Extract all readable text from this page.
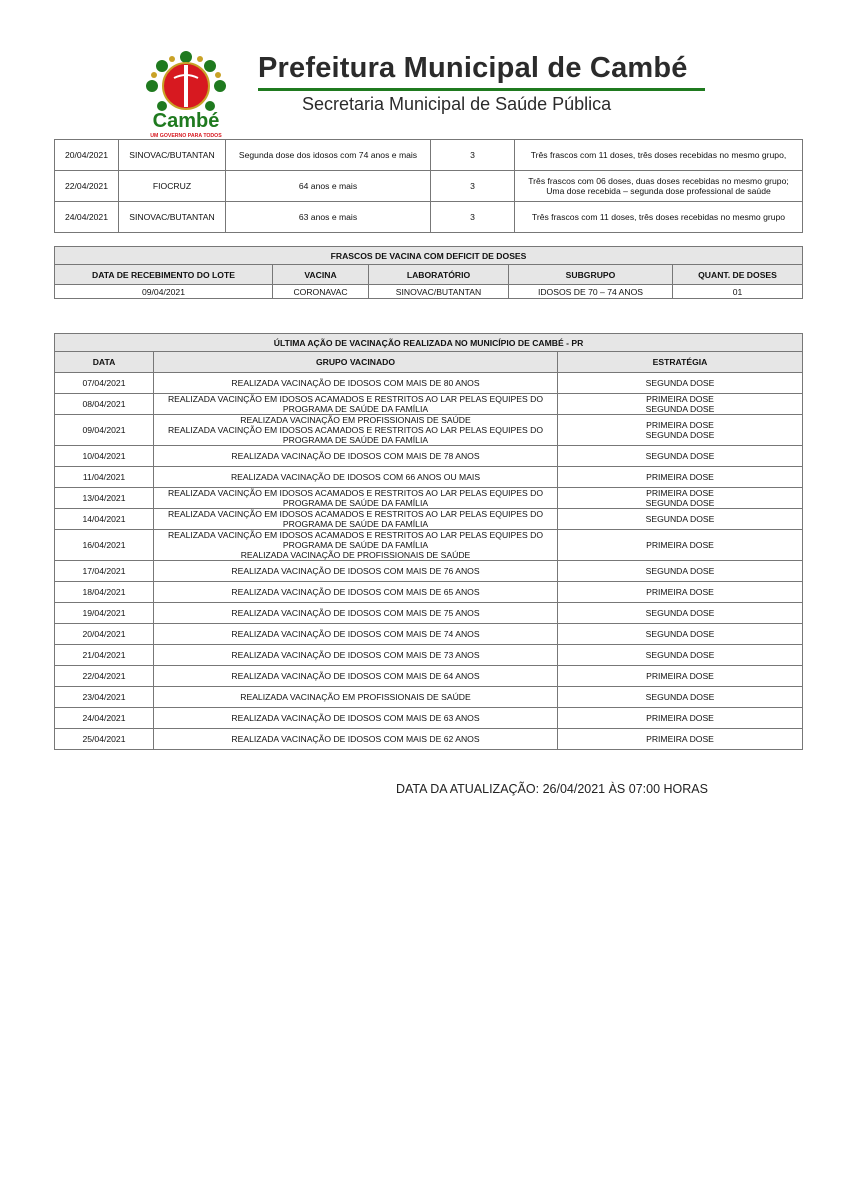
Cambé
UM GOVERNO PARA TODOS
Prefeitura Municipal de Cambé
Secretaria Municipal de Saúde Pública
20/04/2021	SINOVAC/BUTANTAN	Segunda dose dos idosos com 74 anos e mais	3	Três frascos com 11 doses, três doses recebidas no mesmo grupo,

22/04/2021	FIOCRUZ	64 anos e mais	3	Três frascos com 06 doses, duas doses recebidas no mesmo grupo;
Uma dose recebida – segunda dose professional de saúde

24/04/2021	SINOVAC/BUTANTAN	63 anos e mais	3	Três frascos com 11 doses, três doses recebidas no mesmo grupo
FRASCOS DE VACINA COM DEFICIT DE DOSES				
DATA DE RECEBIMENTO DO LOTE	VACINA	LABORATÓRIO	SUBGRUPO	QUANT. DE DOSES
09/04/2021	CORONAVAC	SINOVAC/BUTANTAN	IDOSOS DE 70 – 74 ANOS	01
ÚLTIMA AÇÃO DE VACINAÇÃO REALIZADA NO MUNICÍPIO DE CAMBÉ - PR		
DATA	GRUPO VACINADO	ESTRATÉGIA
07/04/2021	REALIZADA VACINAÇÃO DE IDOSOS COM MAIS DE 80 ANOS	SEGUNDA DOSE

08/04/2021	REALIZADA VACINÇÃO EM IDOSOS ACAMADOS E RESTRITOS AO LAR PELAS EQUIPES DO
PROGRAMA DE SAÚDE DA FAMÍLIA	PRIMEIRA DOSE
SEGUNDA DOSE

09/04/2021	REALIZADA VACINAÇÃO EM PROFISSIONAIS DE SAÚDE
REALIZADA VACINÇÃO EM IDOSOS ACAMADOS E RESTRITOS AO LAR PELAS EQUIPES DO
PROGRAMA DE SAÚDE DA FAMÍLIA	PRIMEIRA DOSE
SEGUNDA DOSE

10/04/2021	REALIZADA VACINAÇÃO DE IDOSOS COM MAIS DE 78 ANOS	SEGUNDA DOSE

11/04/2021	REALIZADA VACINAÇÃO DE IDOSOS COM 66 ANOS OU MAIS	PRIMEIRA DOSE

13/04/2021	REALIZADA VACINÇÃO EM IDOSOS ACAMADOS E RESTRITOS AO LAR PELAS EQUIPES DO
PROGRAMA DE SAÚDE DA FAMÍLIA	PRIMEIRA DOSE
SEGUNDA DOSE

14/04/2021	REALIZADA VACINÇÃO EM IDOSOS ACAMADOS E RESTRITOS AO LAR PELAS EQUIPES DO
PROGRAMA DE SAÚDE DA FAMÍLIA	SEGUNDA DOSE

16/04/2021	REALIZADA VACINÇÃO EM IDOSOS ACAMADOS E RESTRITOS AO LAR PELAS EQUIPES DO
PROGRAMA DE SAÚDE DA FAMÍLIA
REALIZADA VACINAÇÃO DE PROFISSIONAIS DE SAÚDE	PRIMEIRA DOSE

17/04/2021	REALIZADA VACINAÇÃO DE IDOSOS COM MAIS DE 76 ANOS	SEGUNDA DOSE

18/04/2021	REALIZADA VACINAÇÃO DE IDOSOS COM MAIS DE 65 ANOS	PRIMEIRA DOSE

19/04/2021	REALIZADA VACINAÇÃO DE IDOSOS COM MAIS DE 75 ANOS	SEGUNDA DOSE

20/04/2021	REALIZADA VACINAÇÃO DE IDOSOS COM MAIS DE 74 ANOS	SEGUNDA DOSE

21/04/2021	REALIZADA VACINAÇÃO DE IDOSOS COM MAIS DE 73 ANOS	SEGUNDA DOSE

22/04/2021	REALIZADA VACINAÇÃO DE IDOSOS COM MAIS DE 64 ANOS	PRIMEIRA DOSE

23/04/2021	REALIZADA VACINAÇÃO EM PROFISSIONAIS DE SAÚDE	SEGUNDA DOSE

24/04/2021	REALIZADA VACINAÇÃO DE IDOSOS COM MAIS DE 63 ANOS	PRIMEIRA DOSE

25/04/2021	REALIZADA VACINAÇÃO DE IDOSOS COM MAIS DE 62 ANOS	PRIMEIRA DOSE
DATA DA ATUALIZAÇÃO: 26/04/2021 ÀS 07:00 HORAS
